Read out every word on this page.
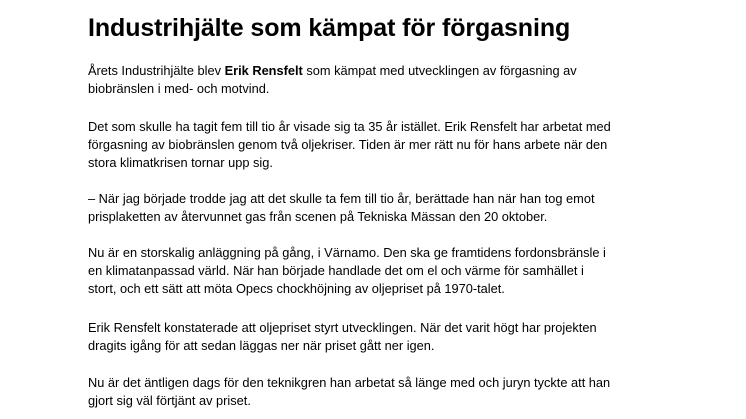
Industrihjälte som kämpat för förgasning

Årets Industrihjälte blev Erik Rensfelt som kämpat med utvecklingen av förgasning av
biobränslen i med- och motvind.

Det som skulle ha tagit fem till tio år visade sig ta 35 år istället. Erik Rensfelt har arbetat med
förgasning av biobränslen genom två oljekriser. Tiden är mer rätt nu för hans arbete när den
stora klimatkrisen tornar upp sig.

– När jag började trodde jag att det skulle ta fem till tio år, berättade han när han tog emot
prisplaketten av återvunnet gas från scenen på Tekniska Mässan den 20 oktober.

Nu är en storskalig anläggning på gång, i Värnamo. Den ska ge framtidens fordonsbränsle i
en klimatanpassad värld. När han började handlade det om el och värme för samhället i
stort, och ett sätt att möta Opecs chockhöjning av oljepriset på 1970-talet.

Erik Rensfelt konstaterade att oljepriset styrt utvecklingen. När det varit högt har projekten
dragits igång för att sedan läggas ner när priset gått ner igen.

Nu är det äntligen dags för den teknikgren han arbetat så länge med och juryn tyckte att han
gjort sig väl förtjänt av priset.
